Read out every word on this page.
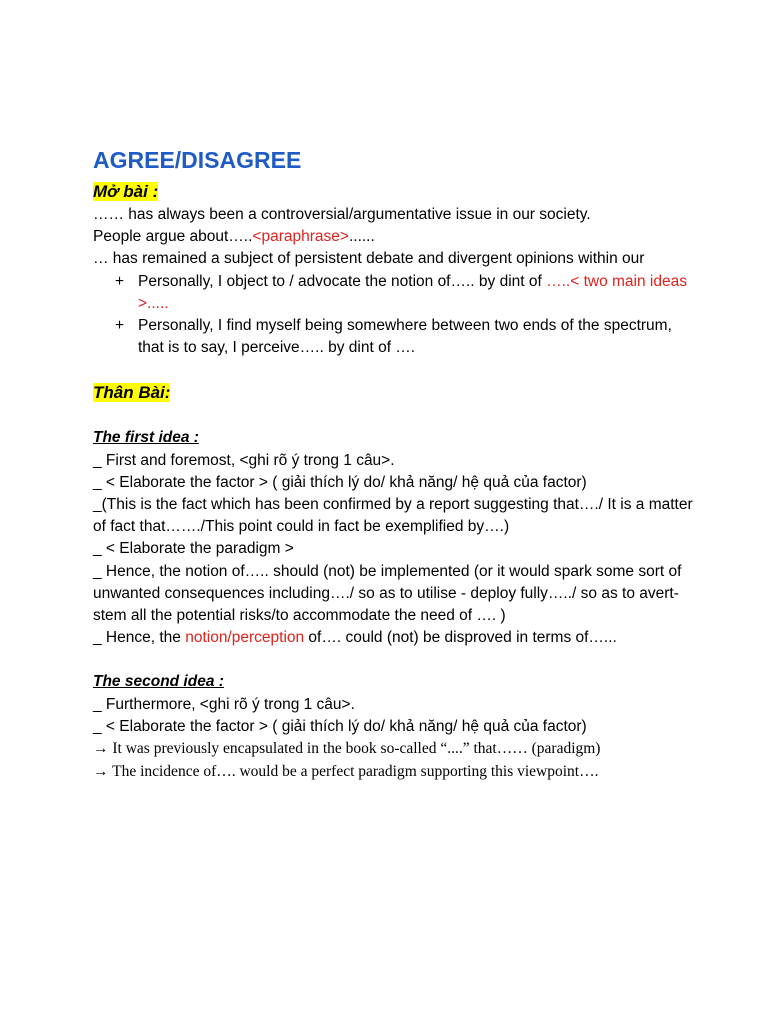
AGREE/DISAGREE
Mở bài :

…… has always been a controversial/argumentative issue in our society.

People argue about…..<paraphrase>......

… has remained a subject of persistent debate and divergent opinions within our

+ Personally, I object to / advocate the notion of….. by dint of …..< two main ideas >.....
+ Personally, I find myself being somewhere between two ends of the spectrum, that is to say, I perceive….. by dint of ….
Thân Bài:
The first idea :

_ First and foremost, <ghi rõ ý trong 1 câu>.

_ < Elaborate the factor > ( giải thích lý do/ khả năng/ hệ quả của factor)

_(This is the fact which has been confirmed by a report suggesting that…./ It is a matter of fact that……./This point could in fact be exemplified by….)

_ < Elaborate the paradigm >

_ Hence, the notion of….. should (not) be implemented (or it would spark some sort of unwanted consequences including…./ so as to utilise - deploy fully…../ so as to avert-stem all the potential risks/to accommodate the need of …. )

_ Hence, the notion/perception of…. could (not) be disproved in terms of…...

The second idea :

_ Furthermore, <ghi rõ ý trong 1 câu>.

_ < Elaborate the factor > ( giải thích lý do/ khả năng/ hệ quả của factor)

→ It was previously encapsulated in the book so-called “....” that…… (paradigm)

→ The incidence of…. would be a perfect paradigm supporting this viewpoint….
